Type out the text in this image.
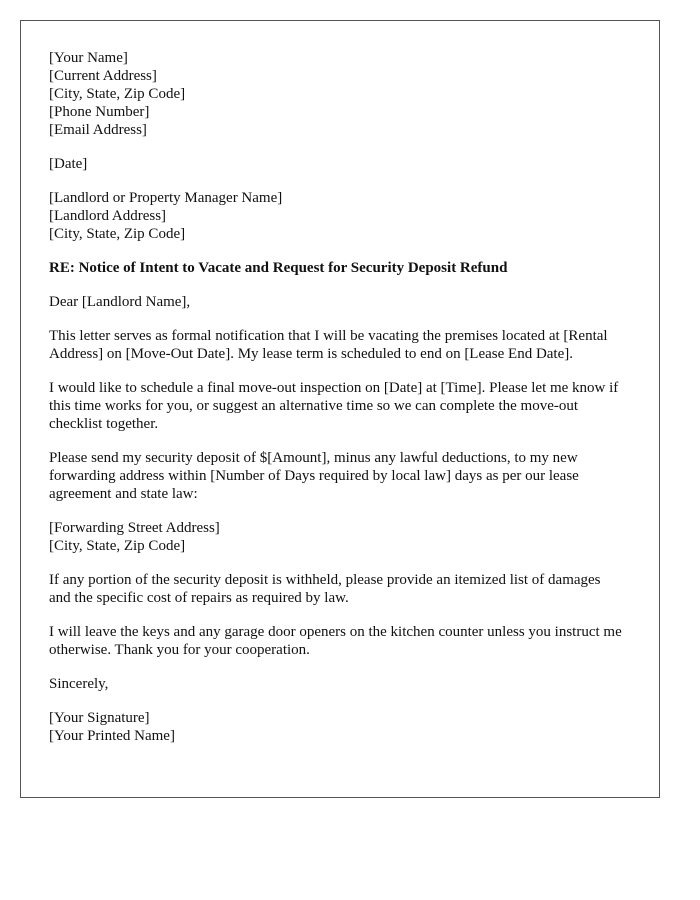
[Your Name]
[Current Address]
[City, State, Zip Code]
[Phone Number]
[Email Address]
[Date]
[Landlord or Property Manager Name]
[Landlord Address]
[City, State, Zip Code]
RE: Notice of Intent to Vacate and Request for Security Deposit Refund
Dear [Landlord Name],

This letter serves as formal notification that I will be vacating the premises located at [Rental Address] on [Move-Out Date]. My lease term is scheduled to end on [Lease End Date].

I would like to schedule a final move-out inspection on [Date] at [Time]. Please let me know if this time works for you, or suggest an alternative time so we can complete the move-out checklist together.

Please send my security deposit of $[Amount], minus any lawful deductions, to my new forwarding address within [Number of Days required by local law] days as per our lease agreement and state law:

[Forwarding Street Address]
[City, State, Zip Code]

If any portion of the security deposit is withheld, please provide an itemized list of damages and the specific cost of repairs as required by law.

I will leave the keys and any garage door openers on the kitchen counter unless you instruct me otherwise. Thank you for your cooperation.

Sincerely,
[Your Signature]
[Your Printed Name]
